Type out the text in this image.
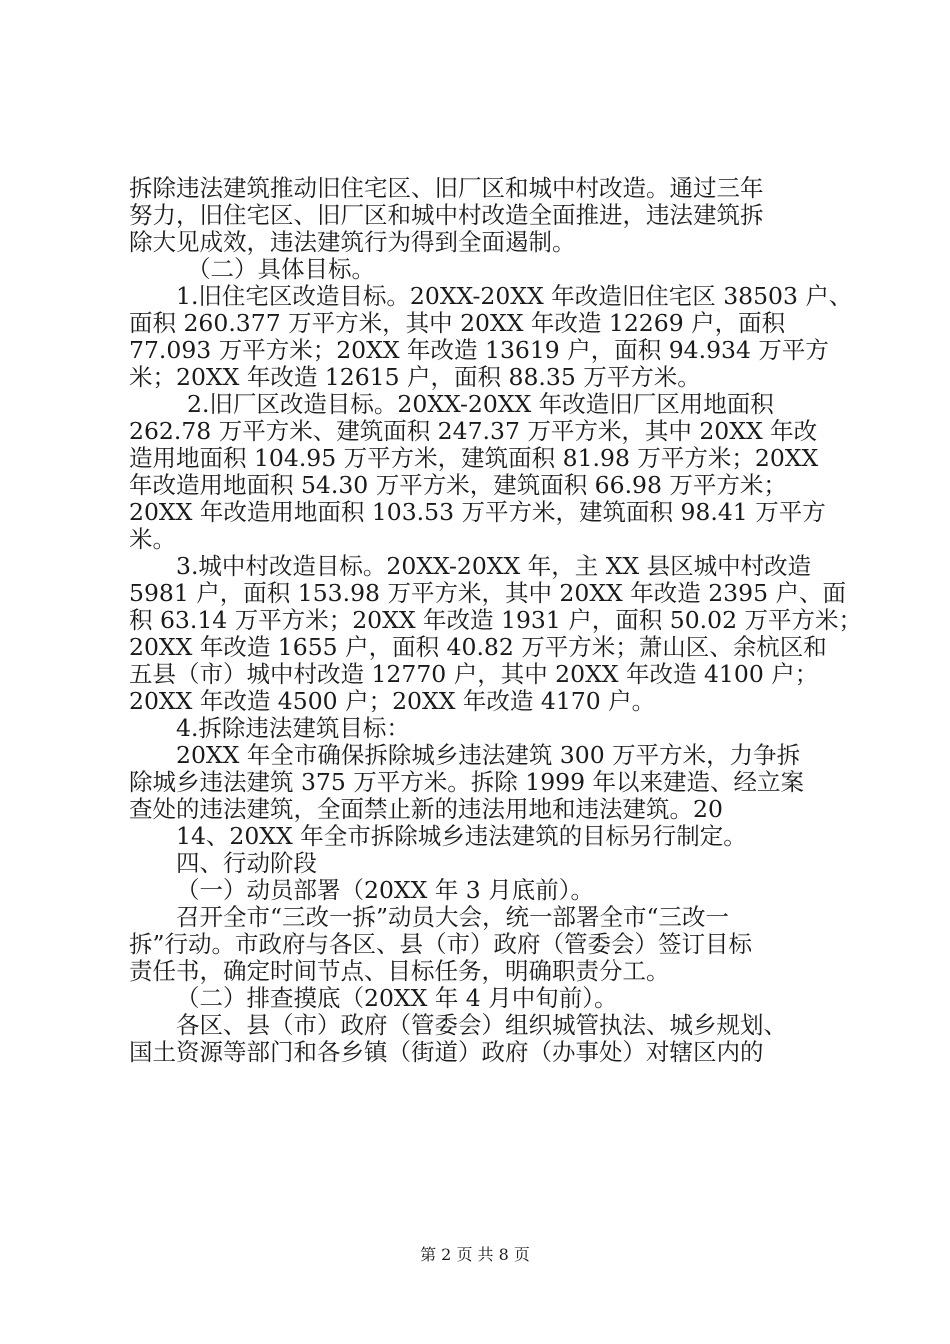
拆除违法建筑推动旧住宅区、旧厂区和城中村改造。通过三年
努力，旧住宅区、旧厂区和城中村改造全面推进，违法建筑拆
除大见成效，违法建筑行为得到全面遏制。
（二）具体目标。
1.旧住宅区改造目标。20XX-20XX 年改造旧住宅区 38503 户、
面积 260.377 万平方米，其中 20XX 年改造 12269 户，面积
77.093 万平方米；20XX 年改造 13619 户，面积 94.934 万平方
米；20XX 年改造 12615 户，面积 88.35 万平方米。
2.旧厂区改造目标。20XX-20XX 年改造旧厂区用地面积
262.78 万平方米、建筑面积 247.37 万平方米，其中 20XX 年改
造用地面积 104.95 万平方米，建筑面积 81.98 万平方米；20XX
年改造用地面积 54.30 万平方米，建筑面积 66.98 万平方米；
20XX 年改造用地面积 103.53 万平方米，建筑面积 98.41 万平方
米。
3.城中村改造目标。20XX-20XX 年，主 XX 县区城中村改造
5981 户，面积 153.98 万平方米，其中 20XX 年改造 2395 户、面
积 63.14 万平方米；20XX 年改造 1931 户，面积 50.02 万平方米；
20XX 年改造 1655 户，面积 40.82 万平方米；萧山区、余杭区和
五县（市）城中村改造 12770 户，其中 20XX 年改造 4100 户；
20XX 年改造 4500 户；20XX 年改造 4170 户。
4.拆除违法建筑目标：
20XX 年全市确保拆除城乡违法建筑 300 万平方米，力争拆
除城乡违法建筑 375 万平方米。拆除 1999 年以来建造、经立案
查处的违法建筑，全面禁止新的违法用地和违法建筑。20
14、20XX 年全市拆除城乡违法建筑的目标另行制定。
四、行动阶段
（一）动员部署（20XX 年 3 月底前）。
召开全市“三改一拆”动员大会，统一部署全市“三改一
拆”行动。市政府与各区、县（市）政府（管委会）签订目标
责任书，确定时间节点、目标任务，明确职责分工。
（二）排查摸底（20XX 年 4 月中旬前）。
各区、县（市）政府（管委会）组织城管执法、城乡规划、
国土资源等部门和各乡镇（街道）政府（办事处）对辖区内的
第 2 页 共 8 页
